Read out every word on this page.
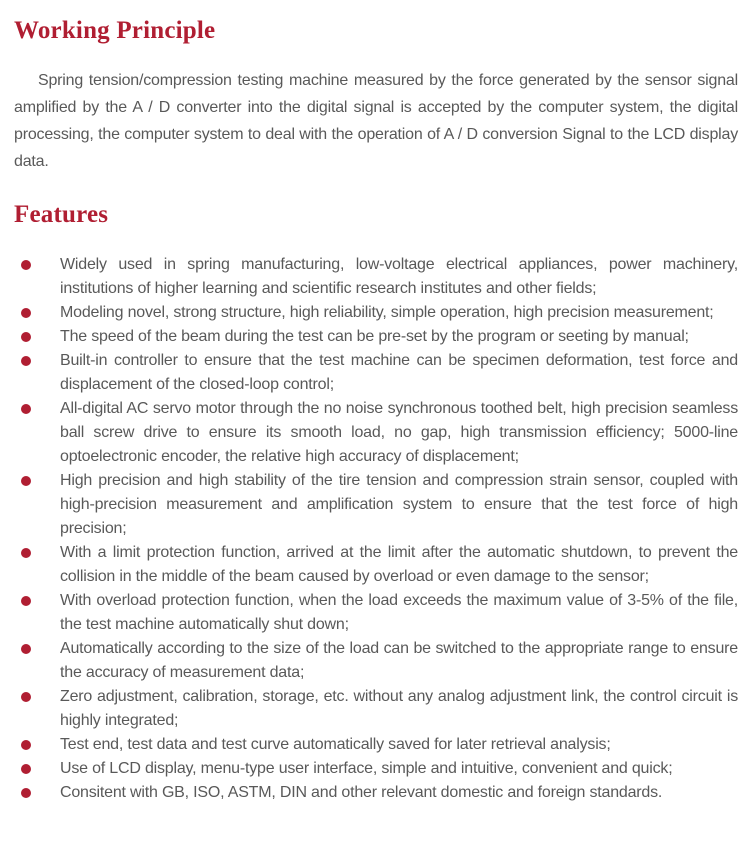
Working Principle

Spring tension/compression testing machine measured by the force generated by the sensor signal amplified by the A / D converter into the digital signal is accepted by the computer system, the digital processing, the computer system to deal with the operation of A / D conversion Signal to the LCD display data.

Features
Widely used in spring manufacturing, low-voltage electrical appliances, power machinery, institutions of higher learning and scientific research institutes and other fields;
Modeling novel, strong structure, high reliability, simple operation, high precision measurement;
The speed of the beam during the test can be pre-set by the program or seeting by manual;
Built-in controller to ensure that the test machine can be specimen deformation, test force and displacement of the closed-loop control;
All-digital AC servo motor through the no noise synchronous toothed belt, high precision seamless ball screw drive to ensure its smooth load, no gap, high transmission efficiency; 5000-line optoelectronic encoder, the relative high accuracy of displacement;
High precision and high stability of the tire tension and compression strain sensor, coupled with high-precision measurement and amplification system to ensure that the test force of high precision;
With a limit protection function, arrived at the limit after the automatic shutdown, to prevent the collision in the middle of the beam caused by overload or even damage to the sensor;
With overload protection function, when the load exceeds the maximum value of 3-5% of the file, the test machine automatically shut down;
Automatically according to the size of the load can be switched to the appropriate range to ensure the accuracy of measurement data;
Zero adjustment, calibration, storage, etc. without any analog adjustment link, the control circuit is highly integrated;
Test end, test data and test curve automatically saved for later retrieval analysis;
Use of LCD display, menu-type user interface, simple and intuitive, convenient and quick;
Consitent with GB, ISO, ASTM, DIN and other relevant domestic and foreign standards.
